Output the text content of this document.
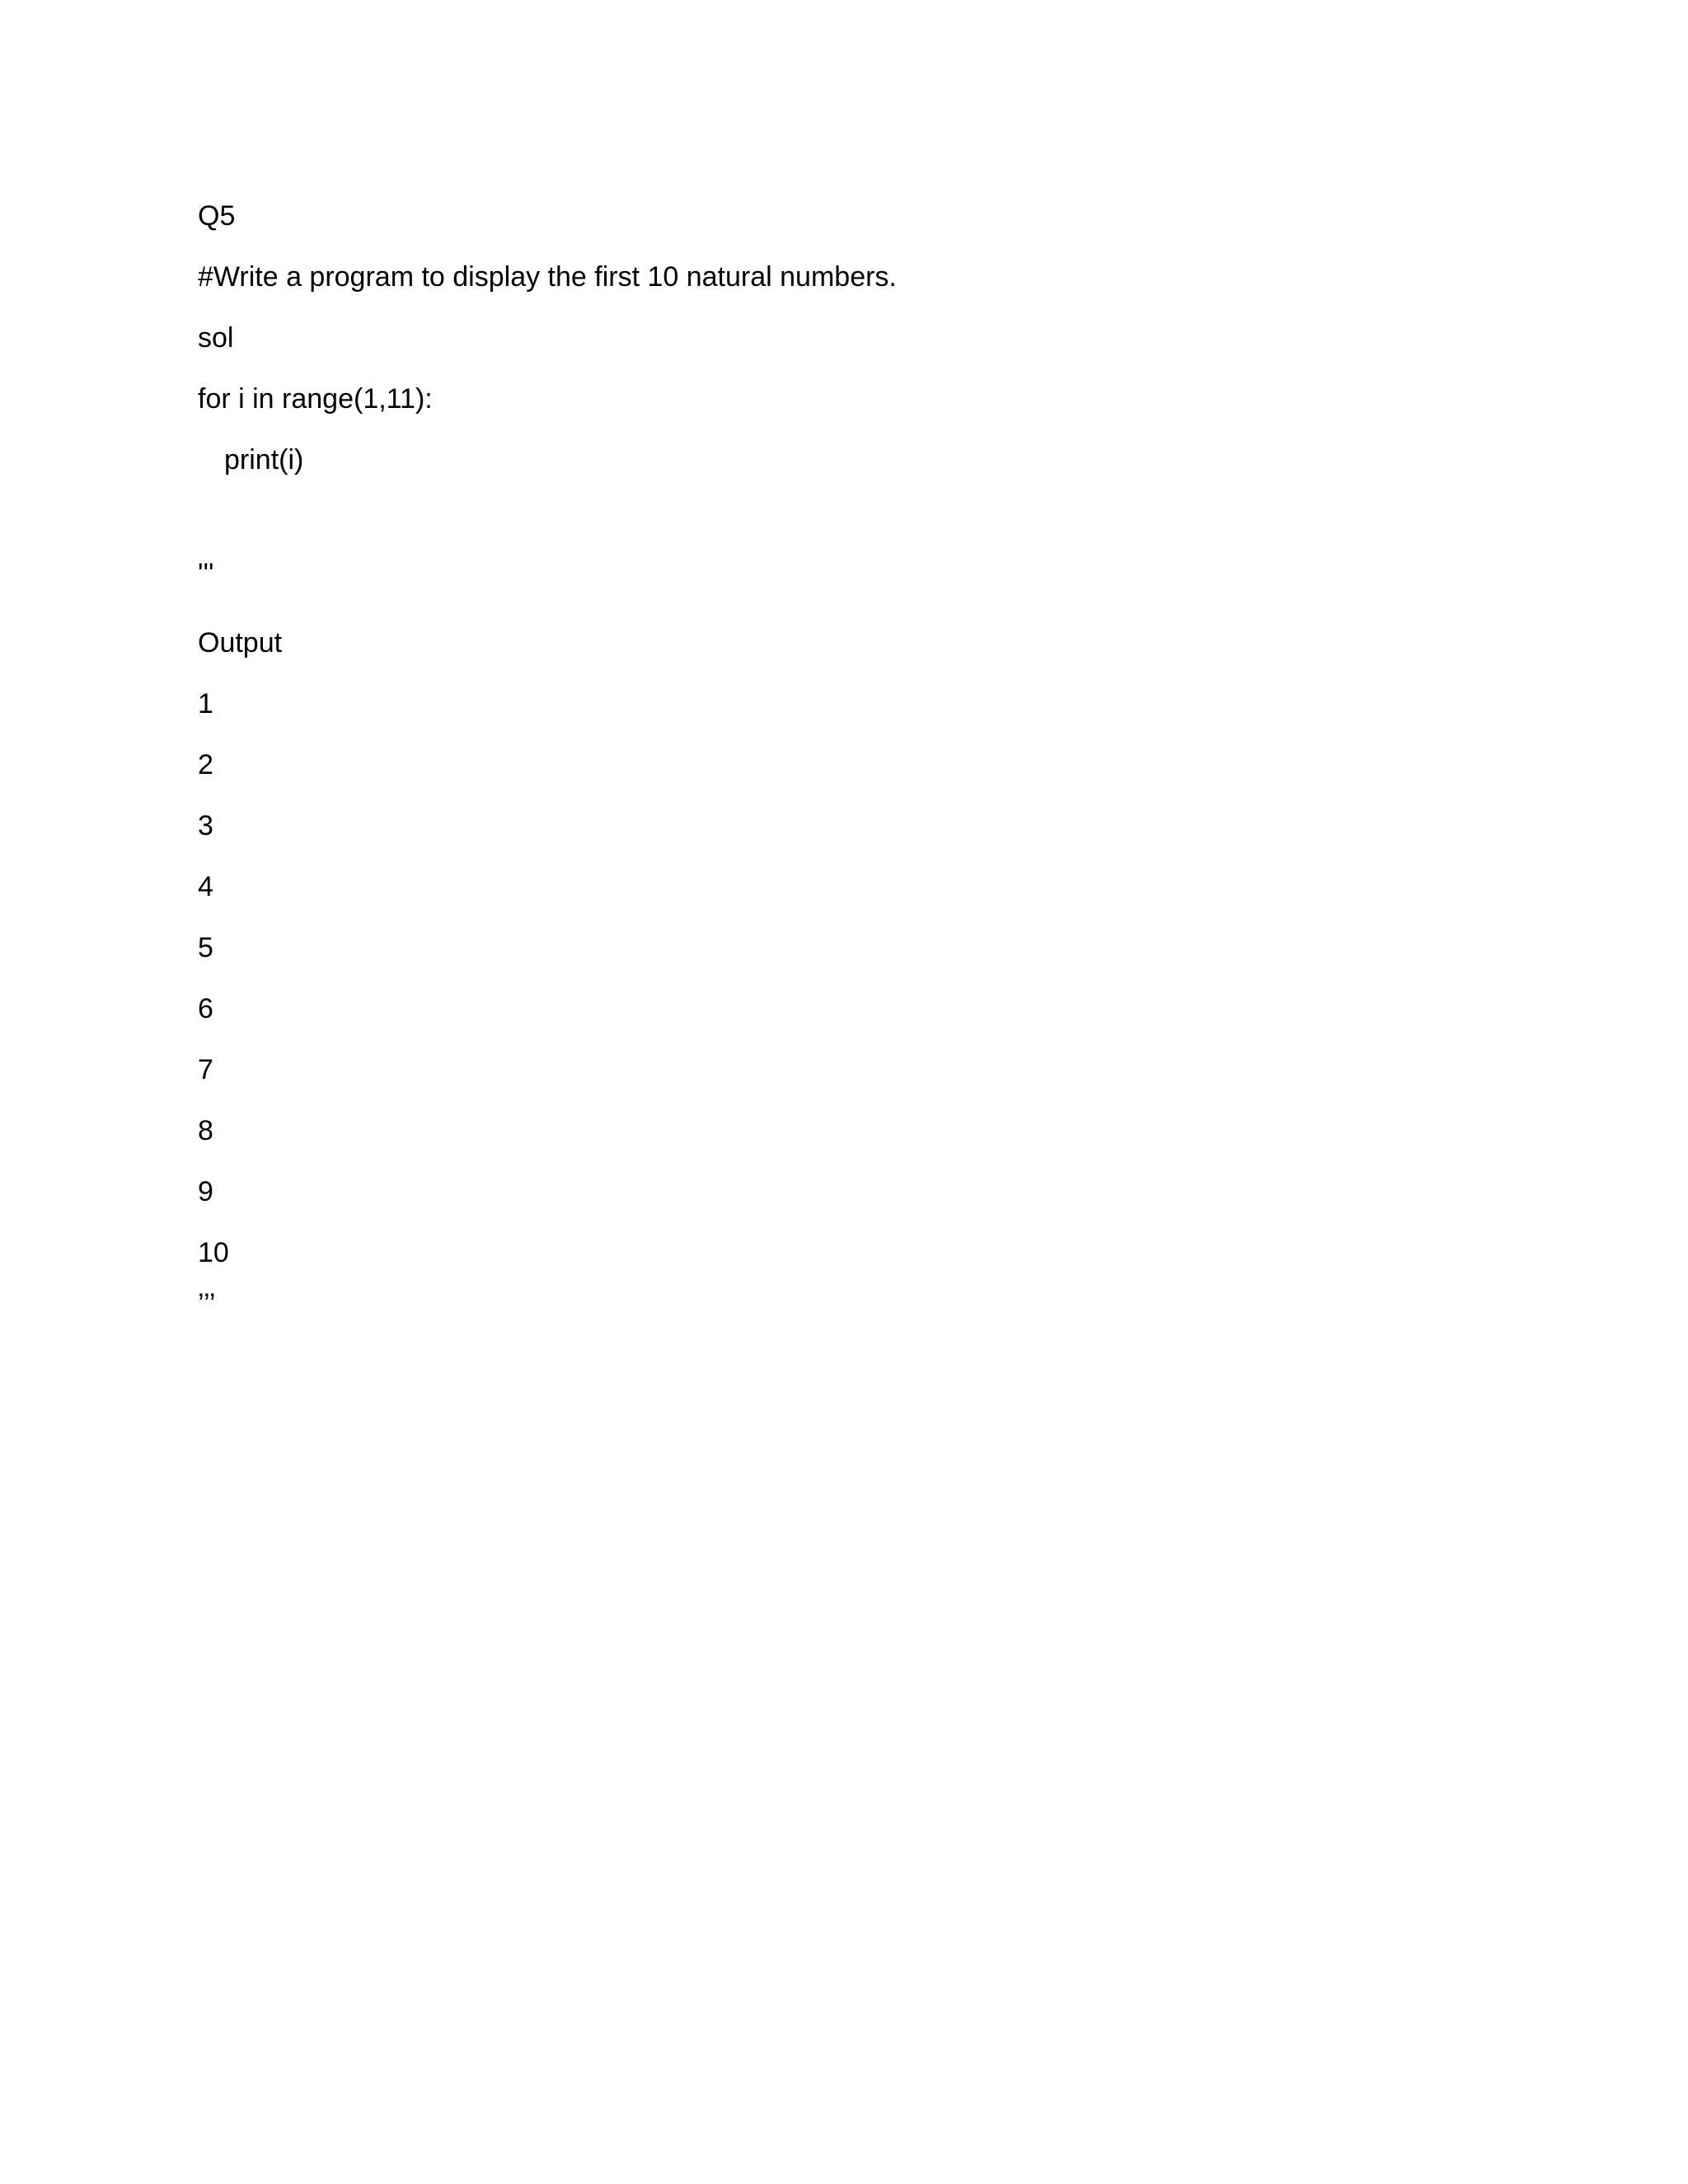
Q5
#Write a program to display the first 10 natural numbers.
sol
for i in range(1,11):
print(i)
'''
Output
1
2
3
4
5
6
7
8
9
10
’’’
